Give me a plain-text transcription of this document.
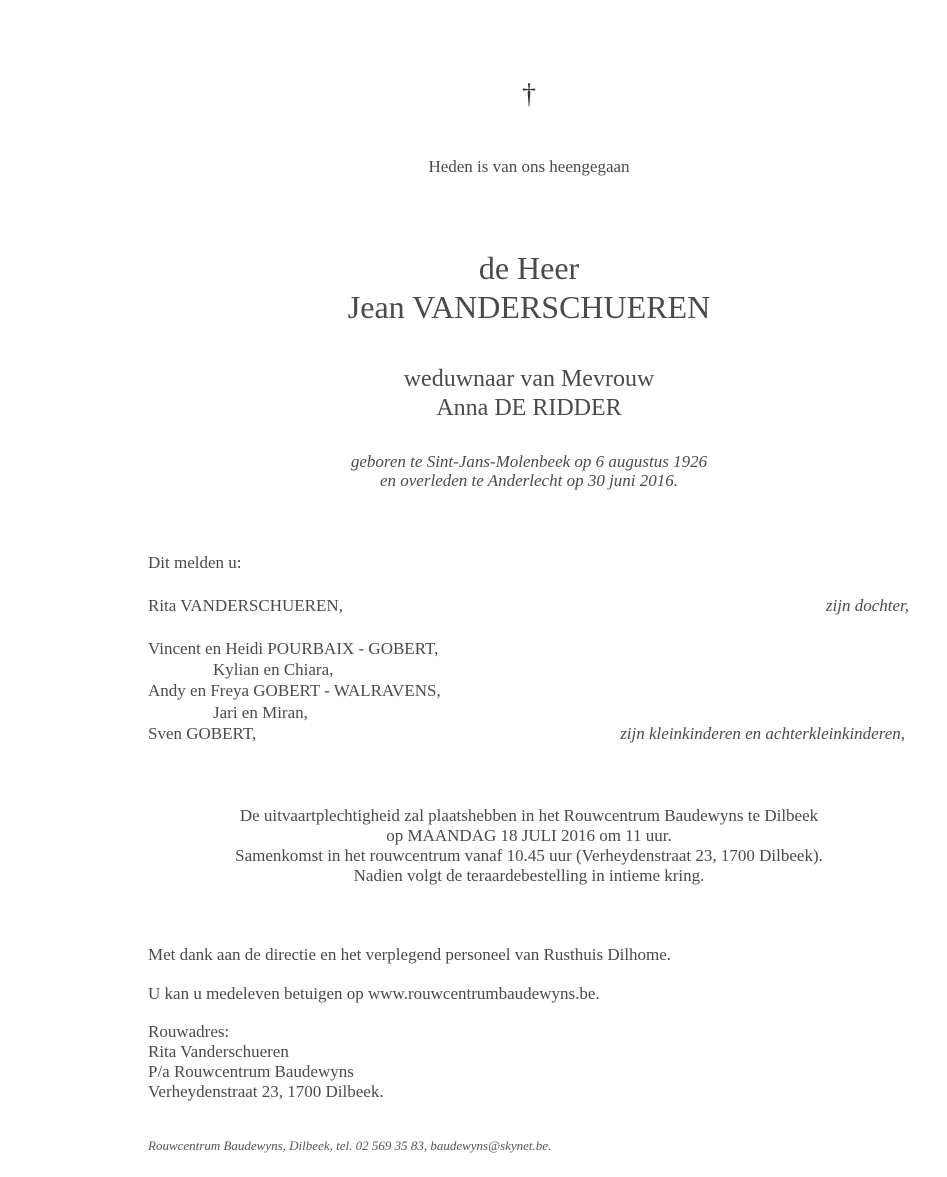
†
Heden is van ons heengegaan
de Heer
Jean VANDERSCHUEREN
weduwnaar van Mevrouw
Anna DE RIDDER
geboren te Sint-Jans-Molenbeek op 6 augustus 1926
en overleden te Anderlecht op 30 juni 2016.
Dit melden u:
Rita VANDERSCHUEREN,	zijn dochter,
Vincent en Heidi POURBAIX - GOBERT,
Kylian en Chiara,
Andy en Freya GOBERT - WALRAVENS,
Jari en Miran,
Sven GOBERT,	zijn kleinkinderen en achterkleinkinderen,
De uitvaartplechtigheid zal plaatshebben in het Rouwcentrum Baudewyns te Dilbeek
op MAANDAG 18 JULI 2016 om 11 uur.
Samenkomst in het rouwcentrum vanaf 10.45 uur (Verheydenstraat 23, 1700 Dilbeek).
Nadien volgt de teraardebestelling in intieme kring.
Met dank aan de directie en het verplegend personeel van Rusthuis Dilhome.
U kan u medeleven betuigen op www.rouwcentrumbaudewyns.be.
Rouwadres:
Rita Vanderschueren
P/a Rouwcentrum Baudewyns
Verheydenstraat 23, 1700 Dilbeek.
Rouwcentrum Baudewyns, Dilbeek, tel. 02 569 35 83, baudewyns@skynet.be.
